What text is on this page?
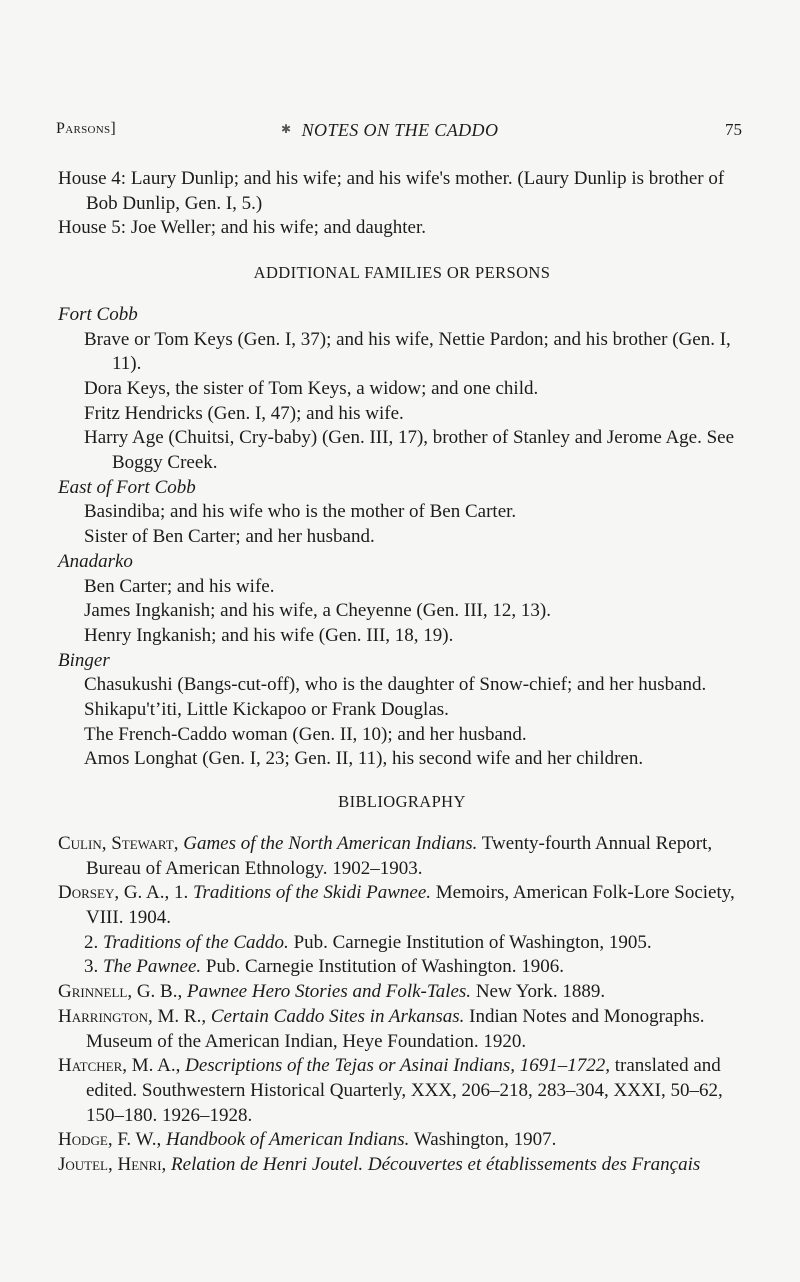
Parsons]	✱ NOTES ON THE CADDO	75

House 4: Laury Dunlip; and his wife; and his wife's mother. (Laury Dunlip is brother of Bob Dunlip, Gen. I, 5.)

House 5: Joe Weller; and his wife; and daughter.

ADDITIONAL FAMILIES OR PERSONS

Fort Cobb

Brave or Tom Keys (Gen. I, 37); and his wife, Nettie Pardon; and his brother (Gen. I, 11).

Dora Keys, the sister of Tom Keys, a widow; and one child.

Fritz Hendricks (Gen. I, 47); and his wife.

Harry Age (Chuitsi, Cry-baby) (Gen. III, 17), brother of Stanley and Jerome Age. See Boggy Creek.

East of Fort Cobb

Basindiba; and his wife who is the mother of Ben Carter.

Sister of Ben Carter; and her husband.

Anadarko

Ben Carter; and his wife.

James Ingkanish; and his wife, a Cheyenne (Gen. III, 12, 13).

Henry Ingkanish; and his wife (Gen. III, 18, 19).

Binger

Chasukushi (Bangs-cut-off), who is the daughter of Snow-chief; and her husband.

Shikapu'tʼiti, Little Kickapoo or Frank Douglas.

The French-Caddo woman (Gen. II, 10); and her husband.

Amos Longhat (Gen. I, 23; Gen. II, 11), his second wife and her children.

BIBLIOGRAPHY

Culin, Stewart, Games of the North American Indians. Twenty-fourth Annual Report, Bureau of American Ethnology. 1902–1903.

Dorsey, G. A., 1. Traditions of the Skidi Pawnee. Memoirs, American Folk-Lore Society, VIII. 1904.

2. Traditions of the Caddo. Pub. Carnegie Institution of Washington, 1905.

3. The Pawnee. Pub. Carnegie Institution of Washington. 1906.

Grinnell, G. B., Pawnee Hero Stories and Folk-Tales. New York. 1889.

Harrington, M. R., Certain Caddo Sites in Arkansas. Indian Notes and Monographs. Museum of the American Indian, Heye Foundation. 1920.

Hatcher, M. A., Descriptions of the Tejas or Asinai Indians, 1691–1722, translated and edited. Southwestern Historical Quarterly, XXX, 206–218, 283–304, XXXI, 50–62, 150–180. 1926–1928.

Hodge, F. W., Handbook of American Indians. Washington, 1907.

Joutel, Henri, Relation de Henri Joutel. Découvertes et établissements des Français
